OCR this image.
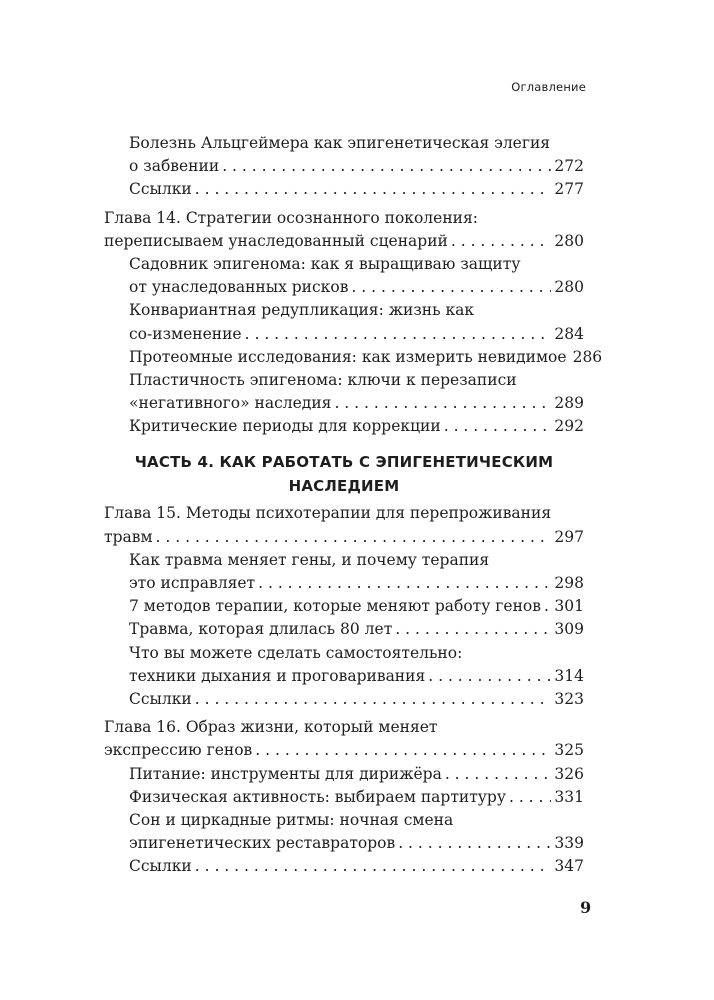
Оглавление
Болезнь Альцгеймера как эпигенетическая элегия
о забвении . . .	272
Ссылки . . .	277
Глава 14. Стратегии осознанного поколения:
переписываем унаследованный сценарий . . .	280
Садовник эпигенома: как я выращиваю защиту
от унаследованных рисков . . .	280
Конвариантная редупликация: жизнь как
со-изменение . . .	284
Протеомные исследования: как измерить невидимое 286
Пластичность эпигенома: ключи к перезаписи
«негативного» наследия . . .	289
Критические периоды для коррекции . . .	292
ЧАСТЬ 4. КАК РАБОТАТЬ С ЭПИГЕНЕТИЧЕСКИМ
НАСЛЕДИЕМ
Глава 15. Методы психотерапии для перепроживания
травм . . .	297
Как травма меняет гены, и почему терапия
это исправляет . . .	298
7 методов терапии, которые меняют работу генов . . . 301
Травма, которая длилась 80 лет . . .	309
Что вы можете сделать самостоятельно:
техники дыхания и проговаривания . . .	314
Ссылки . . .	323
Глава 16. Образ жизни, который меняет
экспрессию генов . . .	325
Питание: инструменты для дирижёра . . .	326
Физическая активность: выбираем партитуру . . .	331
Сон и циркадные ритмы: ночная смена
эпигенетических реставраторов . . .	339
Ссылки . . .	347
9
